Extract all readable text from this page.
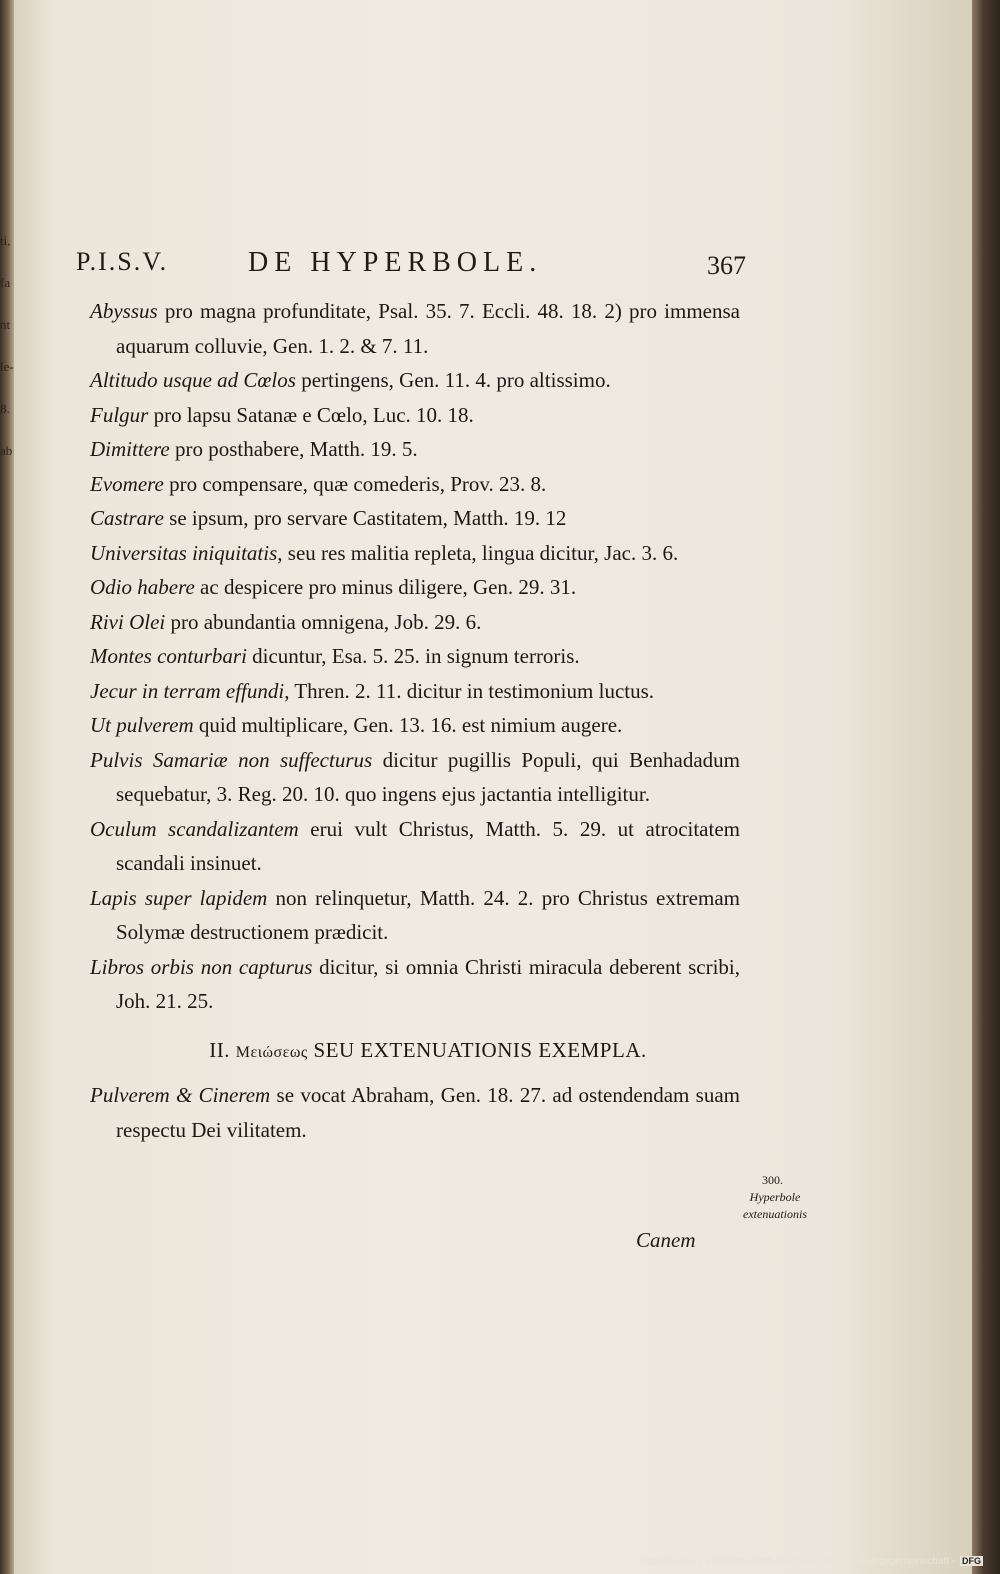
ti,
fa
nt
le-
8.
ab
P.I.S.V.	DE HYPERBOLE.	367
Abyssus pro magna profunditate, Psal. 35. 7. Eccli. 48. 18. 2) pro immensa aquarum colluvie, Gen. 1. 2. & 7. 11.
Altitudo usque ad Cœlos pertingens, Gen. 11. 4. pro altissimo.
Fulgur pro lapsu Satanæ e Cœlo, Luc. 10. 18.
Dimittere pro posthabere, Matth. 19. 5.
Evomere pro compensare, quæ comederis, Prov. 23. 8.
Castrare se ipsum, pro servare Castitatem, Matth. 19. 12
Universitas iniquitatis, seu res malitia repleta, lingua dicitur, Jac. 3. 6.
Odio habere ac despicere pro minus diligere, Gen. 29. 31.
Rivi Olei pro abundantia omnigena, Job. 29. 6.
Montes conturbari dicuntur, Esa. 5. 25. in signum terroris.
Jecur in terram effundi, Thren. 2. 11. dicitur in testimonium luctus.
Ut pulverem quid multiplicare, Gen. 13. 16. est nimium augere.
Pulvis Samariæ non suffecturus dicitur pugillis Populi, qui Benhadadum sequebatur, 3. Reg. 20. 10. quo ingens ejus jactantia intelligitur.
Oculum scandalizantem erui vult Christus, Matth. 5. 29. ut atrocitatem scandali insinuet.
Lapis super lapidem non relinquetur, Matth. 24. 2. pro Christus extremam Solymæ destructionem prædicit.
Libros orbis non capturus dicitur, si omnia Christi miracula deberent scribi, Joh. 21. 25.
II. Μειώσεως SEU EXTENUATIONIS EXEMPLA.
Pulverem & Cinerem se vocat Abraham, Gen. 18. 27. ad ostendendam suam respectu Dei vilitatem.
Canem
300.
Hyperbole extenuationis
Digitalisierung gefördert durch die Deutsche Forschungsgemeinschaft - DFG
